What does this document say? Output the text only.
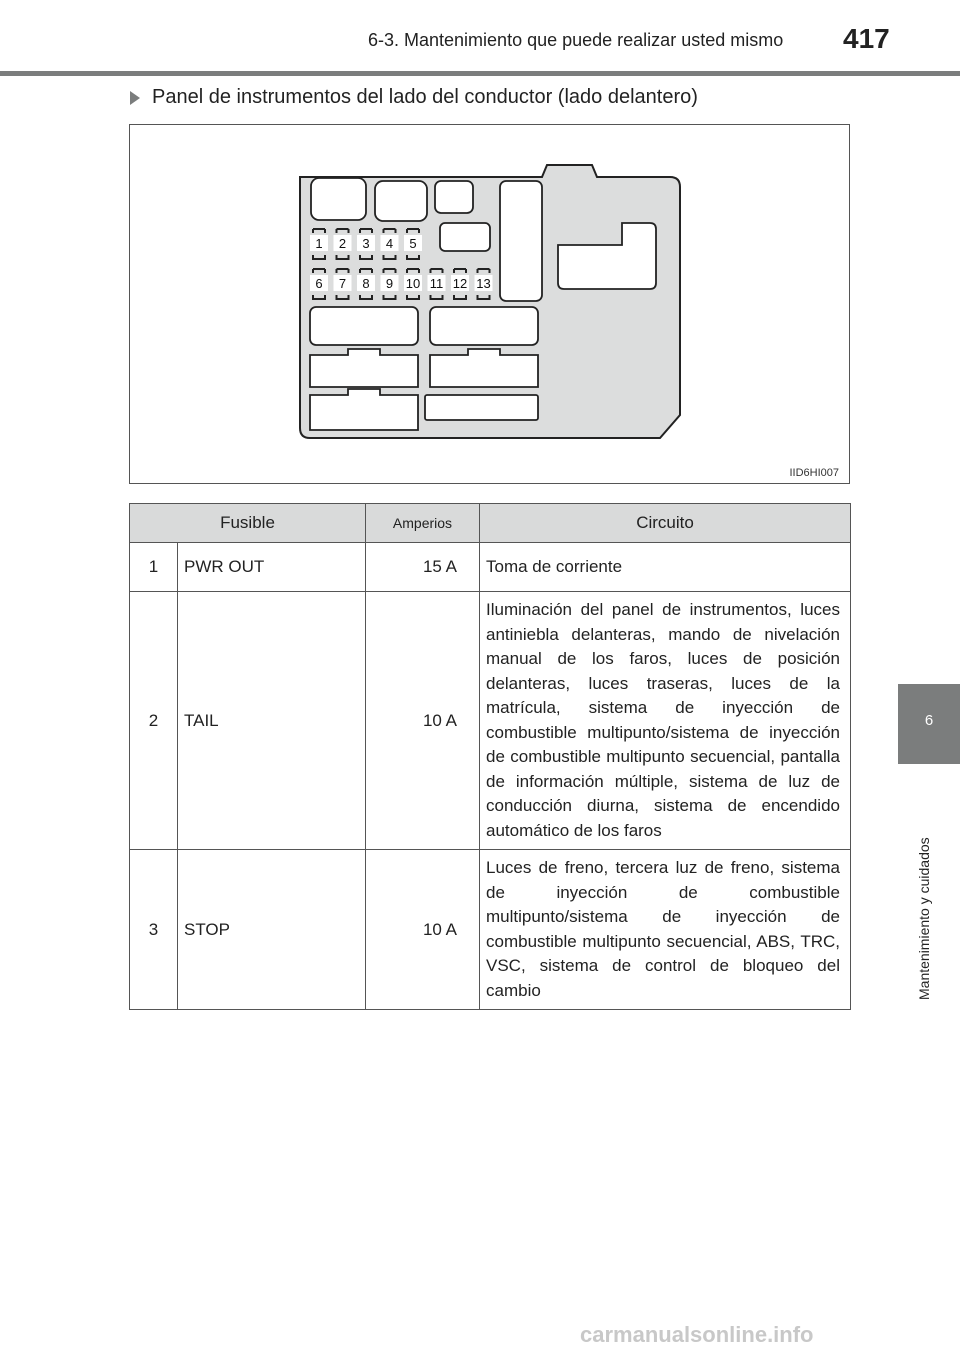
6-3. Mantenimiento que puede realizar usted mismo 417
6
Mantenimiento y cuidados
Panel de instrumentos del lado del conductor (lado delantero)
1 2 3 4 5
6 7 8 9 10 11 12 13
IID6HI007
Fusible		Amperios	Circuito
1	PWR OUT	15 A	Toma de corriente
2	TAIL	10 A	Iluminación del panel de instrumentos, luces antiniebla delanteras, mando de nivelación manual de los faros, luces de posición delanteras, luces traseras, luces de la matrícula, sistema de inyección de combustible multipunto/sistema de inyección de combustible multipunto secuencial, pantalla de información múltiple, sistema de luz de conducción diurna, sistema de encendido automático de los faros
3	STOP	10 A	Luces de freno, tercera luz de freno, sistema de inyección de combustible multipunto/sistema de inyección de combustible multipunto secuencial, ABS, TRC, VSC, sistema de control de bloqueo del cambio
carmanualsonline.info
